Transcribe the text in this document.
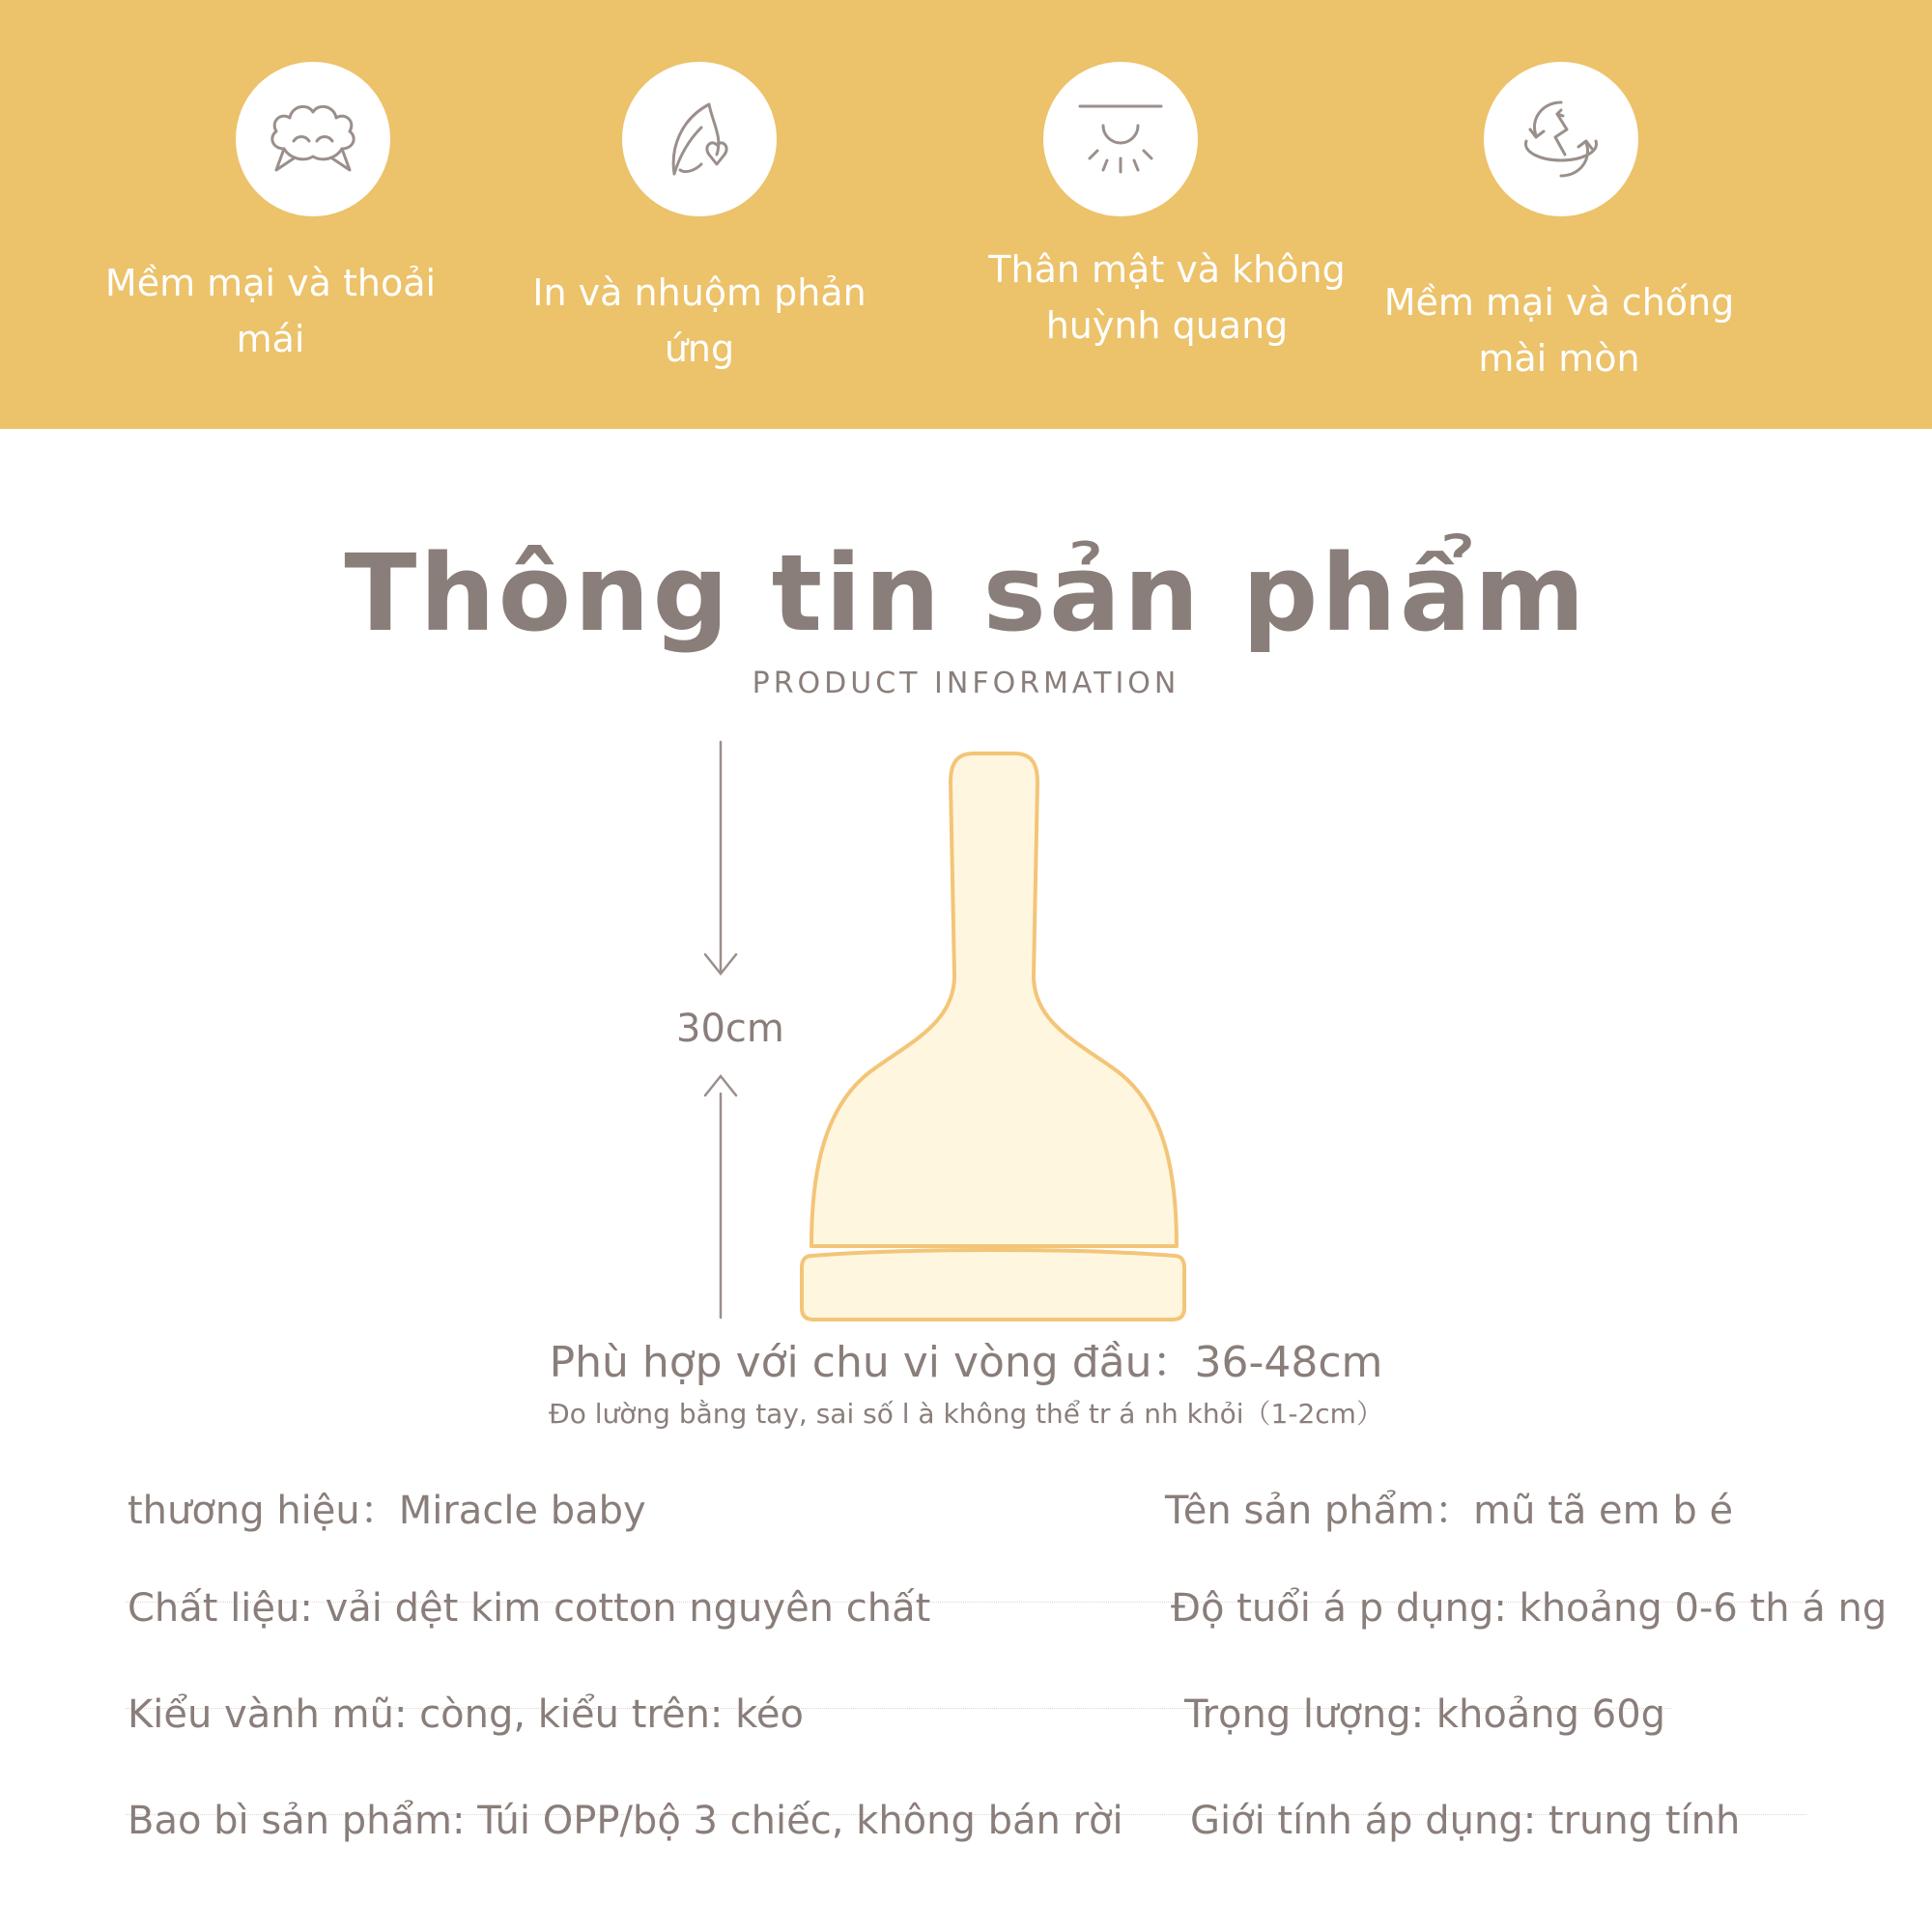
Mềm mại và thoải mái
In và nhuộm phản ứng
Thân mật và không
huỳnh quang
Mềm mại và chống
mài mòn
Thông tin sản phẩm
PRODUCT INFORMATION
30cm
Phù hợp với chu vi vòng đầu：36-48cm
Đo lường bằng tay, sai số l à không thể tr á nh khỏi（1-2cm）
thương hiệu：Miracle baby
Chất liệu: vải dệt kim cotton nguyên chất
Kiểu vành mũ: còng, kiểu trên: kéo
Bao bì sản phẩm: Túi OPP/bộ 3 chiếc, không bán rời
Tên sản phẩm：mũ tã em b é
Độ tuổi á p dụng: khoảng 0-6 th á ng
Trọng lượng: khoảng 60g
Giới tính áp dụng: trung tính
